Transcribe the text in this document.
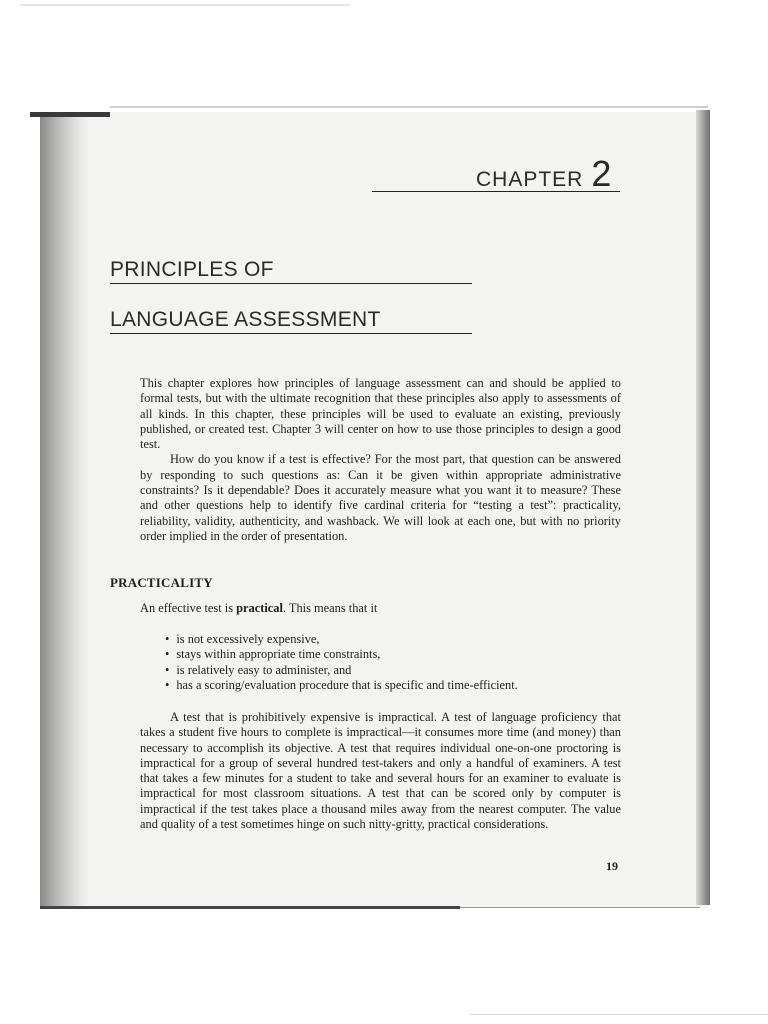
CHAPTER 2
PRINCIPLES OF
LANGUAGE ASSESSMENT

This chapter explores how principles of language assessment can and should be applied to formal tests, but with the ultimate recognition that these principles also apply to assessments of all kinds. In this chapter, these principles will be used to evaluate an existing, previously published, or created test. Chapter 3 will center on how to use those principles to design a good test.

How do you know if a test is effective? For the most part, that question can be answered by responding to such questions as: Can it be given within appropriate administrative constraints? Is it dependable? Does it accurately measure what you want it to measure? These and other questions help to identify five cardinal criteria for “testing a test”: practicality, reliability, validity, authenticity, and washback. We will look at each one, but with no priority order implied in the order of presentation.

PRACTICALITY
An effective test is practical. This means that it
• is not excessively expensive,
• stays within appropriate time constraints,
• is relatively easy to administer, and
• has a scoring/evaluation procedure that is specific and time-efficient.

A test that is prohibitively expensive is impractical. A test of language proficiency that takes a student five hours to complete is impractical—it consumes more time (and money) than necessary to accomplish its objective. A test that requires individual one-on-one proctoring is impractical for a group of several hundred test-takers and only a handful of examiners. A test that takes a few minutes for a student to take and several hours for an examiner to evaluate is impractical for most classroom situations. A test that can be scored only by computer is impractical if the test takes place a thousand miles away from the nearest computer. The value and quality of a test sometimes hinge on such nitty-gritty, practical considerations.

19
